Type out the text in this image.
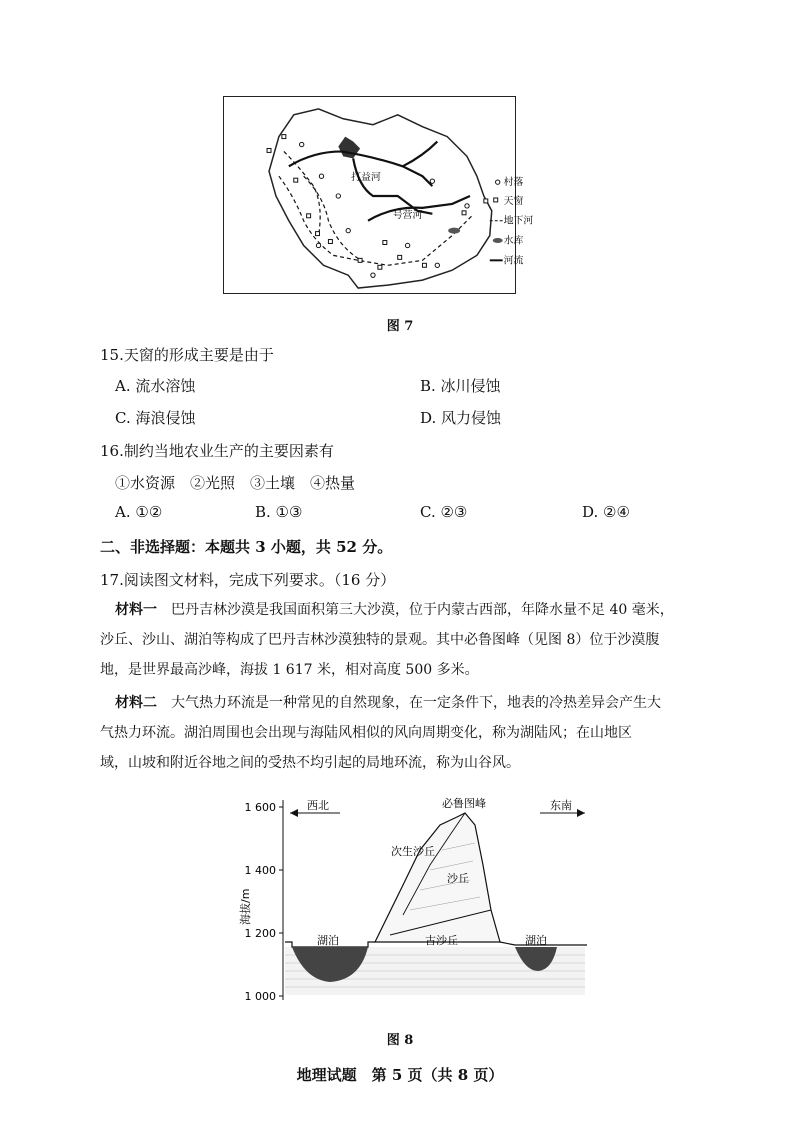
打益河
号营河
村落
天窗
地下河
水库
河流
图 7
15.天窗的形成主要是由于
A. 流水溶蚀	B. 冰川侵蚀
C. 海浪侵蚀	D. 风力侵蚀
16.制约当地农业生产的主要因素有
①水资源　②光照　③土壤　④热量
A. ①②	B. ①③	C. ②③	D. ②④
二、非选择题：本题共 3 小题，共 52 分。
17.阅读图文材料，完成下列要求。（16 分）
材料一　 巴丹吉林沙漠是我国面积第三大沙漠，位于内蒙古西部，年降水量不足 40 毫米，
沙丘、沙山、湖泊等构成了巴丹吉林沙漠独特的景观。其中必鲁图峰（见图 8）位于沙漠腹
地，是世界最高沙峰，海拔 1 617 米，相对高度 500 多米。
材料二　 大气热力环流是一种常见的自然现象，在一定条件下，地表的冷热差异会产生大
气热力环流。湖泊周围也会出现与海陆风相似的风向周期变化，称为湖陆风；在山地区
域，山坡和附近谷地之间的受热不均引起的局地环流，称为山谷风。
1 600
1 400
1 200
1 000
海拔/m
西北	东南
必鲁图峰
次生沙丘
沙丘
古沙丘
湖泊	湖泊
图 8
地理试题　第 5 页（共 8 页）
